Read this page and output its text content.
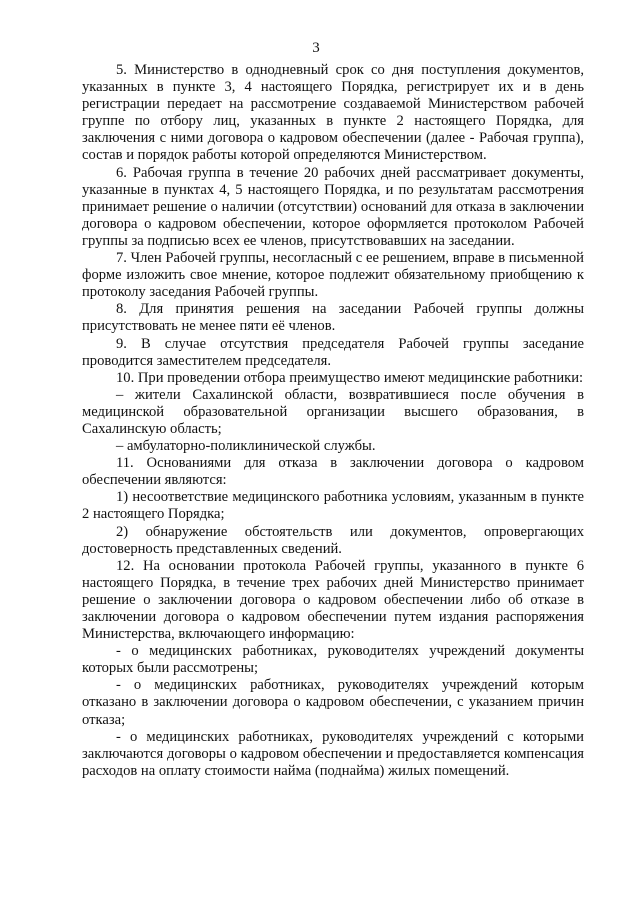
3

5. Министерство в однодневный срок со дня поступления документов, указанных в пункте 3, 4 настоящего Порядка, регистрирует их и в день регистрации передает на рассмотрение создаваемой Министерством рабочей группе по отбору лиц, указанных в пункте 2 настоящего Порядка, для заключения с ними договора о кадровом обеспечении (далее - Рабочая группа), состав и порядок работы которой определяются Министерством.

6. Рабочая группа в течение 20 рабочих дней рассматривает документы, указанные в пунктах 4, 5 настоящего Порядка, и по результатам рассмотрения принимает решение о наличии (отсутствии) оснований для отказа в заключении договора о кадровом обеспечении, которое оформляется протоколом Рабочей группы за подписью всех ее членов, присутствовавших на заседании.

7. Член Рабочей группы, несогласный с ее решением, вправе в письменной форме изложить свое мнение, которое подлежит обязательному приобщению к протоколу заседания Рабочей группы.

8. Для принятия решения на заседании Рабочей группы должны присутствовать не менее пяти её членов.

9. В случае отсутствия председателя Рабочей группы заседание проводится заместителем председателя.

10. При проведении отбора преимущество имеют медицинские работники:

– жители Сахалинской области, возвратившиеся после обучения в медицинской образовательной организации высшего образования, в Сахалинскую область;

– амбулаторно-поликлинической службы.

11. Основаниями для отказа в заключении договора о кадровом обеспечении являются:

1) несоответствие медицинского работника условиям, указанным в пункте 2 настоящего Порядка;

2) обнаружение обстоятельств или документов, опровергающих достоверность представленных сведений.

12. На основании протокола Рабочей группы, указанного в пункте 6 настоящего Порядка, в течение трех рабочих дней Министерство принимает решение о заключении договора о кадровом обеспечении либо об отказе в заключении договора о кадровом обеспечении путем издания распоряжения Министерства, включающего информацию:

- о медицинских работниках, руководителях учреждений документы которых были рассмотрены;

- о медицинских работниках, руководителях учреждений которым отказано в заключении договора о кадровом обеспечении, с указанием причин отказа;

- о медицинских работниках, руководителях учреждений с которыми заключаются договоры о кадровом обеспечении и предоставляется компенсация расходов на оплату стоимости найма (поднайма) жилых помещений.
